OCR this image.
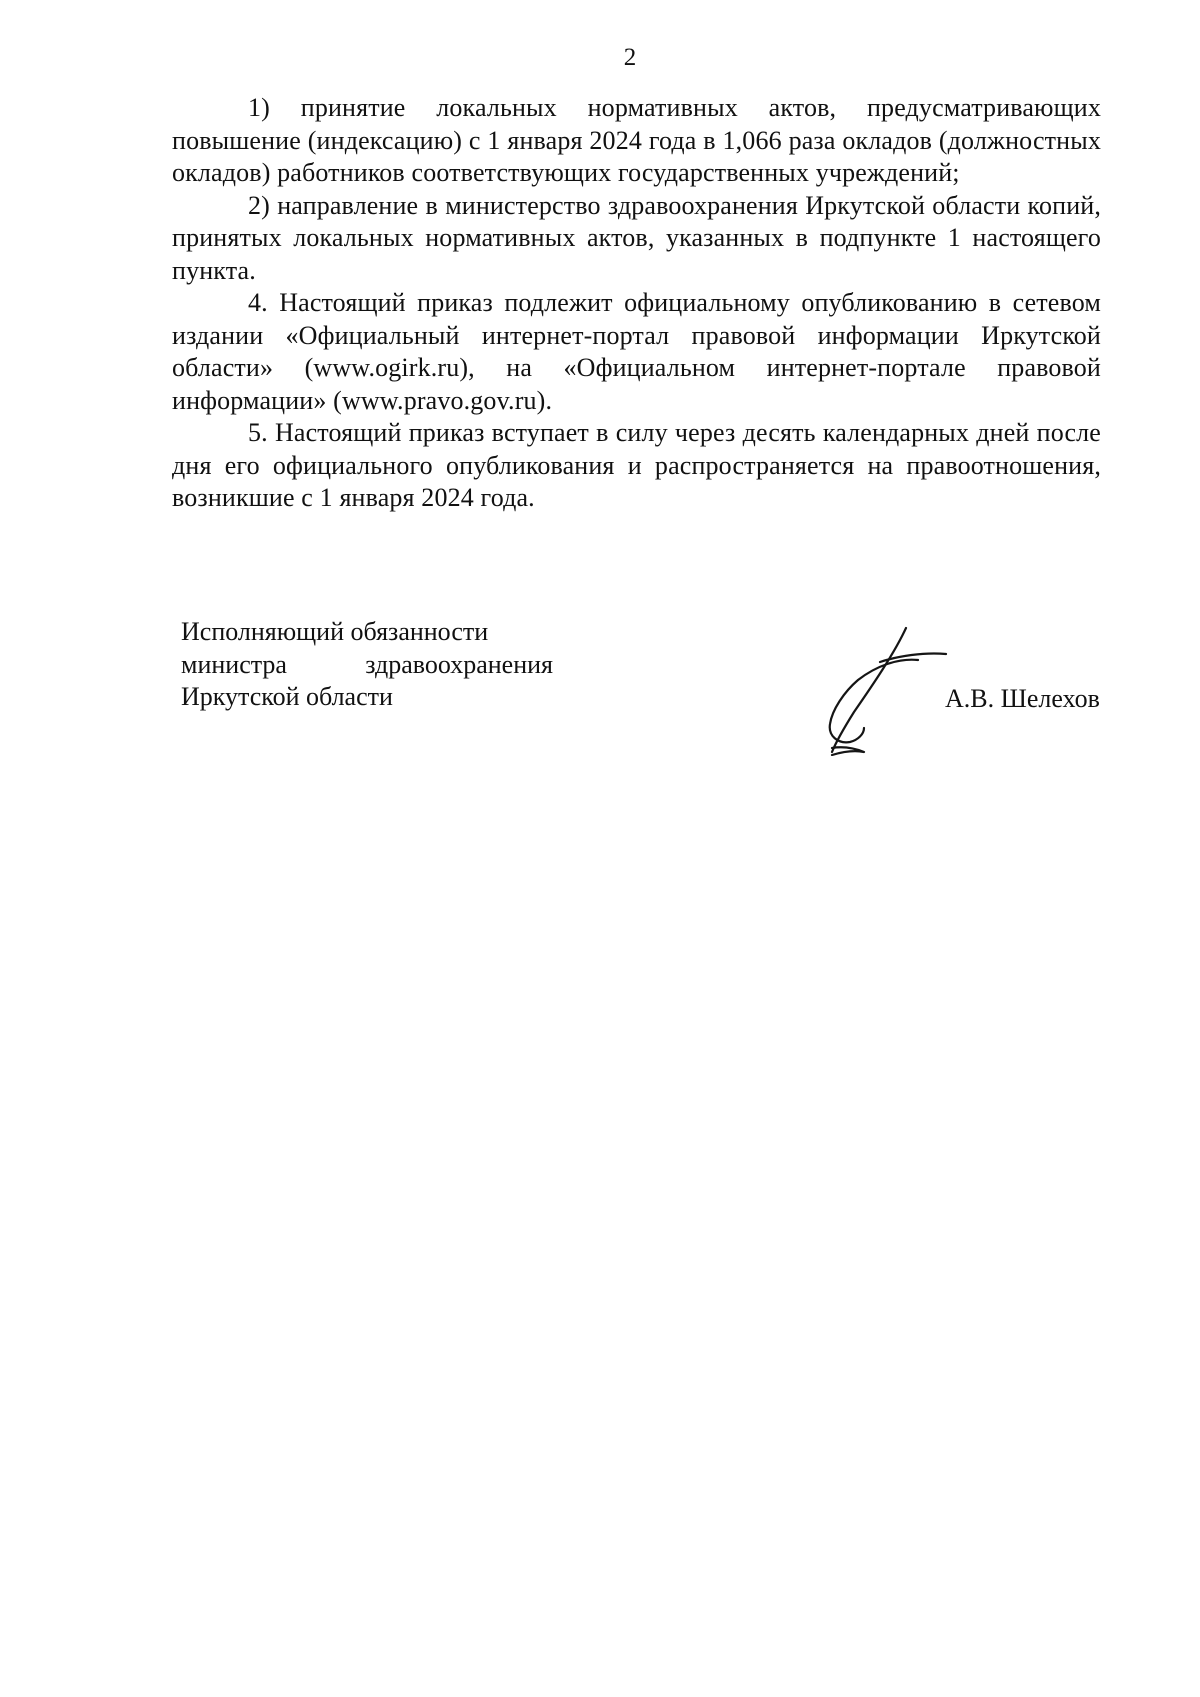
2

1) принятие локальных нормативных актов, предусматривающих повышение (индексацию) с 1 января 2024 года в 1,066 раза окладов (должностных окладов) работников соответствующих государственных учреждений;

2) направление в министерство здравоохранения Иркутской области копий, принятых локальных нормативных актов, указанных в подпункте 1 настоящего пункта.

4. Настоящий приказ подлежит официальному опубликованию в сетевом издании «Официальный интернет-портал правовой информации Иркутской области» (www.ogirk.ru), на «Официальном интернет-портале правовой информации» (www.pravo.gov.ru).

5. Настоящий приказ вступает в силу через десять календарных дней после дня его официального опубликования и распространяется на правоотношения, возникшие с 1 января 2024 года.

Исполняющий обязанности
министра здравоохранения
Иркутской области	А.В. Шелехов
